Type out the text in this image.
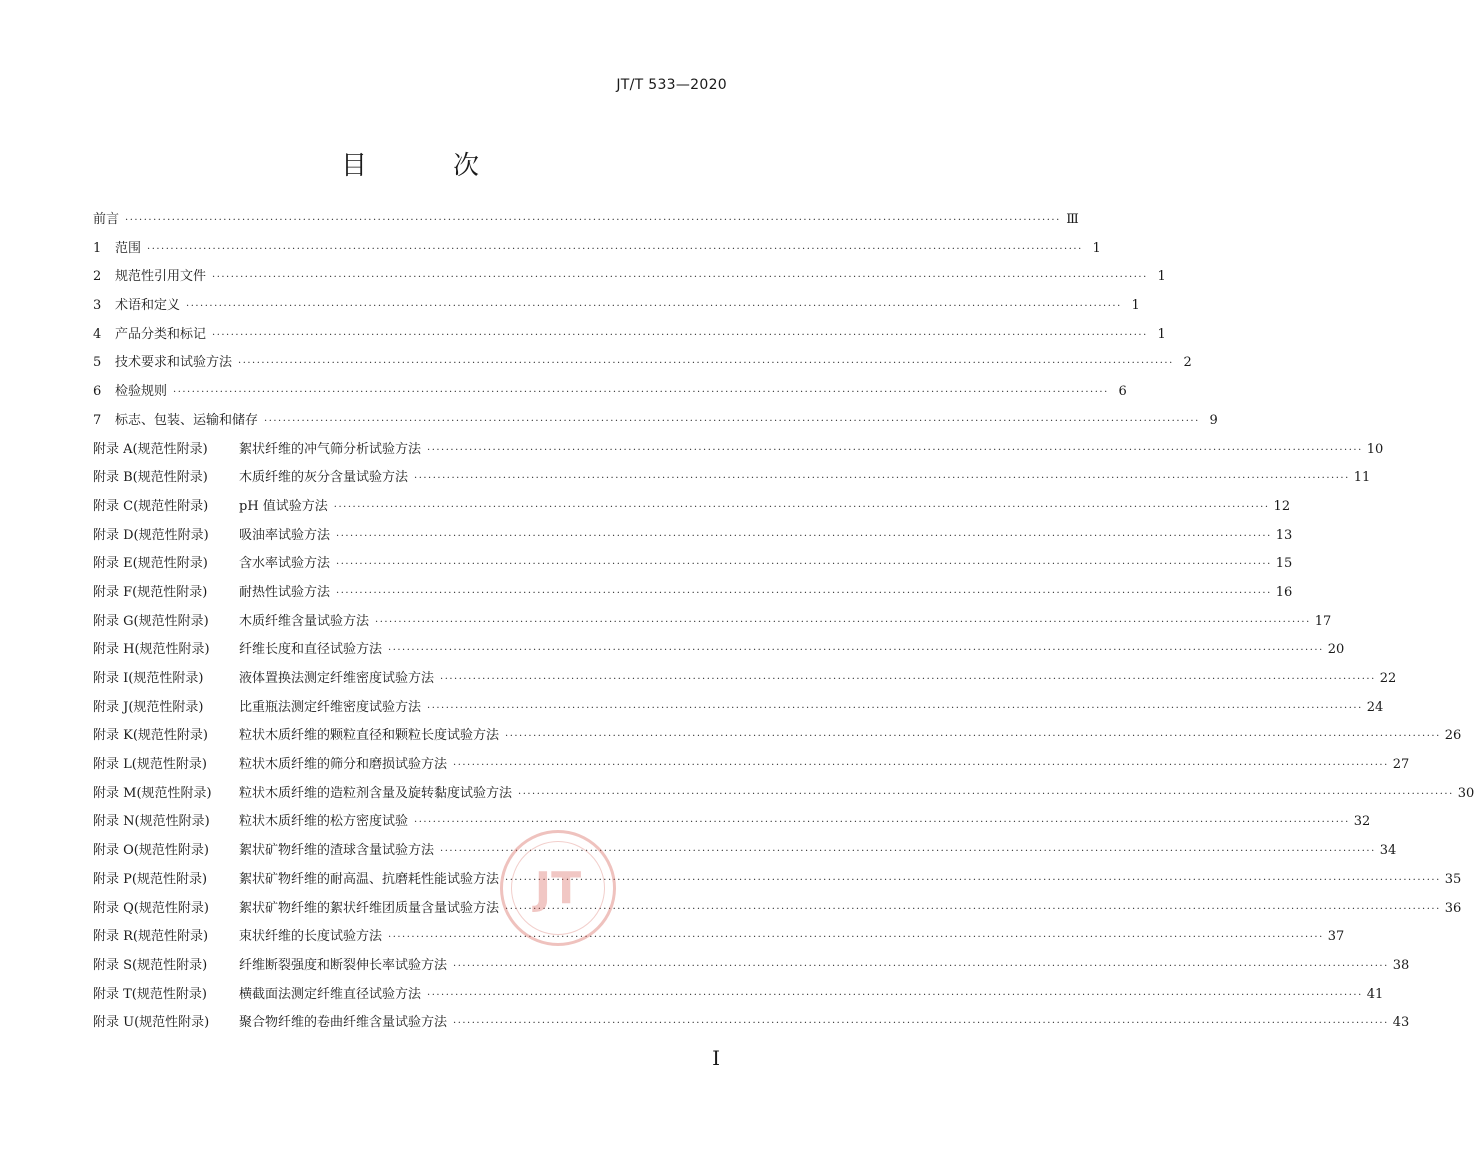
JT/T 533—2020
目　次
前言 ········································································································································································································ Ⅲ
1	范围 ········································································································································································································ 1
2	规范性引用文件 ········································································································································································································ 1
3	术语和定义 ········································································································································································································ 1
4	产品分类和标记 ········································································································································································································ 1
5	技术要求和试验方法 ········································································································································································································ 2
6	检验规则 ········································································································································································································ 6
7	标志、包装、运输和储存 ········································································································································································································ 9
附录 A(规范性附录) 絮状纤维的冲气筛分析试验方法 ········································································································································································································ 10
附录 B(规范性附录) 木质纤维的灰分含量试验方法 ········································································································································································································ 11
附录 C(规范性附录) pH 值试验方法 ········································································································································································································ 12
附录 D(规范性附录) 吸油率试验方法 ········································································································································································································ 13
附录 E(规范性附录) 含水率试验方法 ········································································································································································································ 15
附录 F(规范性附录) 耐热性试验方法 ········································································································································································································ 16
附录 G(规范性附录) 木质纤维含量试验方法 ········································································································································································································ 17
附录 H(规范性附录) 纤维长度和直径试验方法 ········································································································································································································ 20
附录 I(规范性附录)	液体置换法测定纤维密度试验方法 ········································································································································································································ 22
附录 J(规范性附录)	比重瓶法测定纤维密度试验方法 ········································································································································································································ 24
附录 K(规范性附录) 粒状木质纤维的颗粒直径和颗粒长度试验方法 ········································································································································································································ 26
附录 L(规范性附录) 粒状木质纤维的筛分和磨损试验方法 ········································································································································································································ 27
附录 M(规范性附录) 粒状木质纤维的造粒剂含量及旋转黏度试验方法 ········································································································································································································ 30
附录 N(规范性附录) 粒状木质纤维的松方密度试验 ········································································································································································································ 32
附录 O(规范性附录) 絮状矿物纤维的渣球含量试验方法 ········································································································································································································ 34
附录 P(规范性附录) 絮状矿物纤维的耐高温、抗磨耗性能试验方法 ········································································································································································································ 35
附录 Q(规范性附录) 絮状矿物纤维的絮状纤维团质量含量试验方法 ········································································································································································································ 36
附录 R(规范性附录) 束状纤维的长度试验方法 ········································································································································································································ 37
附录 S(规范性附录) 纤维断裂强度和断裂伸长率试验方法 ········································································································································································································ 38
附录 T(规范性附录) 横截面法测定纤维直径试验方法 ········································································································································································································ 41
附录 U(规范性附录) 聚合物纤维的卷曲纤维含量试验方法 ········································································································································································································ 43
JT
I
